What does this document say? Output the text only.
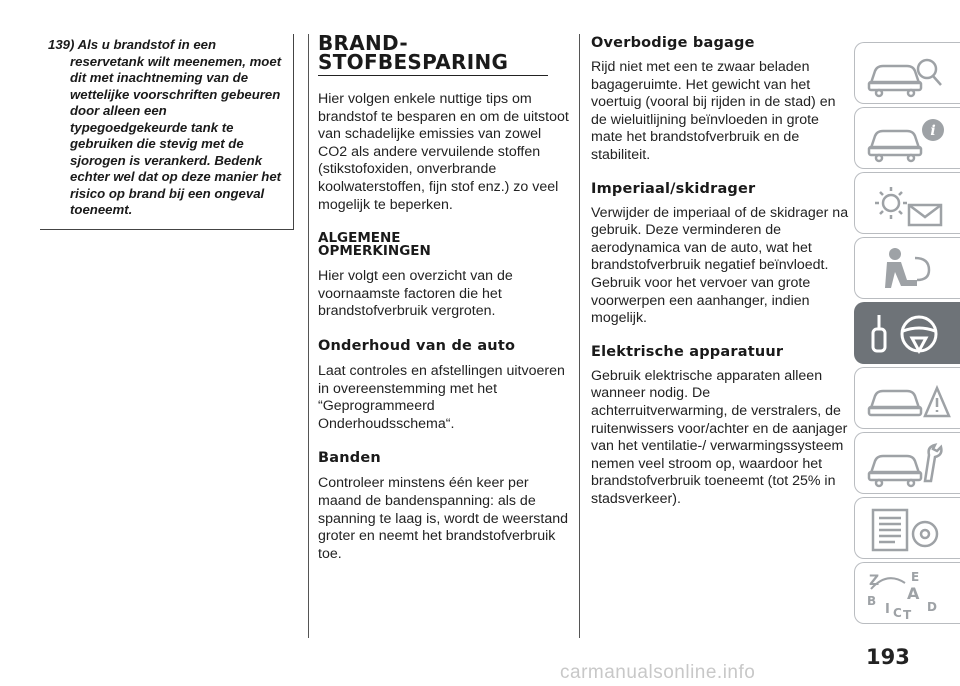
139) Als u brandstof in een reservetank wilt meenemen, moet dit met inachtneming van de wettelijke voorschriften gebeuren door alleen een typegoedgekeurde tank te gebruiken die stevig met de sjorogen is verankerd. Bedenk echter wel dat op deze manier het risico op brand bij een ongeval toeneemt.

BRAND-STOFBESPARING

Hier volgen enkele nuttige tips om brandstof te besparen en om de uitstoot van schadelijke emissies van zowel CO2 als andere vervuilende stoffen (stikstofoxiden, onverbrande koolwaterstoffen, fijn stof enz.) zo veel mogelijk te beperken.

ALGEMENE OPMERKINGEN

Hier volgt een overzicht van de voornaamste factoren die het brandstofverbruik vergroten.

Onderhoud van de auto

Laat controles en afstellingen uitvoeren in overeenstemming met het “Geprogrammeerd Onderhoudsschema“.

Banden

Controleer minstens één keer per maand de bandenspanning: als de spanning te laag is, wordt de weerstand groter en neemt het brandstofverbruik toe.

Overbodige bagage

Rijd niet met een te zwaar beladen bagageruimte. Het gewicht van het voertuig (vooral bij rijden in de stad) en de wieluitlijning beïnvloeden in grote mate het brandstofverbruik en de stabiliteit.

Imperiaal/skidrager

Verwijder de imperiaal of de skidrager na gebruik. Deze verminderen de aerodynamica van de auto, wat het brandstofverbruik negatief beïnvloedt. Gebruik voor het vervoer van grote voorwerpen een aanhanger, indien mogelijk.

Elektrische apparatuur

Gebruik elektrische apparaten alleen wanneer nodig. De achterruitverwarming, de verstralers, de ruitenwissers voor/achter en de aanjager van het ventilatie-/ verwarmingssysteem nemen veel stroom op, waardoor het brandstofverbruik toeneemt (tot 25% in stadsverkeer).

i
Z	E
A
B	D
I C T
193
carmanualsonline.info
